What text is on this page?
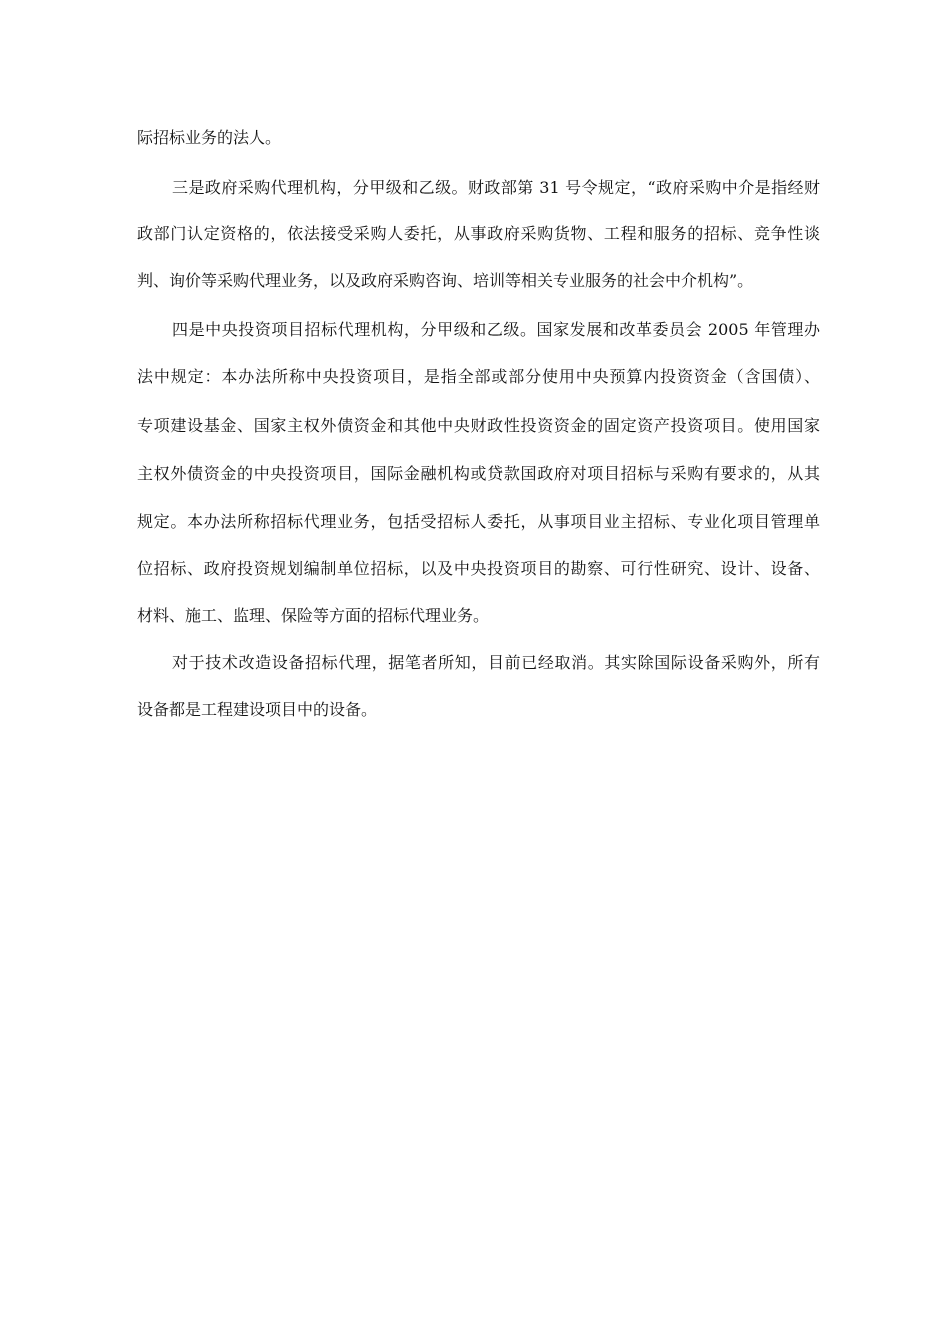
际招标业务的法人。
三是政府采购代理机构，分甲级和乙级。财政部第 31 号令规定，“政府采购中介是指经财
政部门认定资格的，依法接受采购人委托，从事政府采购货物、工程和服务的招标、竞争性谈
判、询价等采购代理业务，以及政府采购咨询、培训等相关专业服务的社会中介机构”。
四是中央投资项目招标代理机构，分甲级和乙级。国家发展和改革委员会 2005 年管理办
法中规定：本办法所称中央投资项目，是指全部或部分使用中央预算内投资资金（含国债）、
专项建设基金、国家主权外债资金和其他中央财政性投资资金的固定资产投资项目。使用国家
主权外债资金的中央投资项目，国际金融机构或贷款国政府对项目招标与采购有要求的，从其
规定。本办法所称招标代理业务，包括受招标人委托，从事项目业主招标、专业化项目管理单
位招标、政府投资规划编制单位招标，以及中央投资项目的勘察、可行性研究、设计、设备、
材料、施工、监理、保险等方面的招标代理业务。
对于技术改造设备招标代理，据笔者所知，目前已经取消。其实除国际设备采购外，所有
设备都是工程建设项目中的设备。
